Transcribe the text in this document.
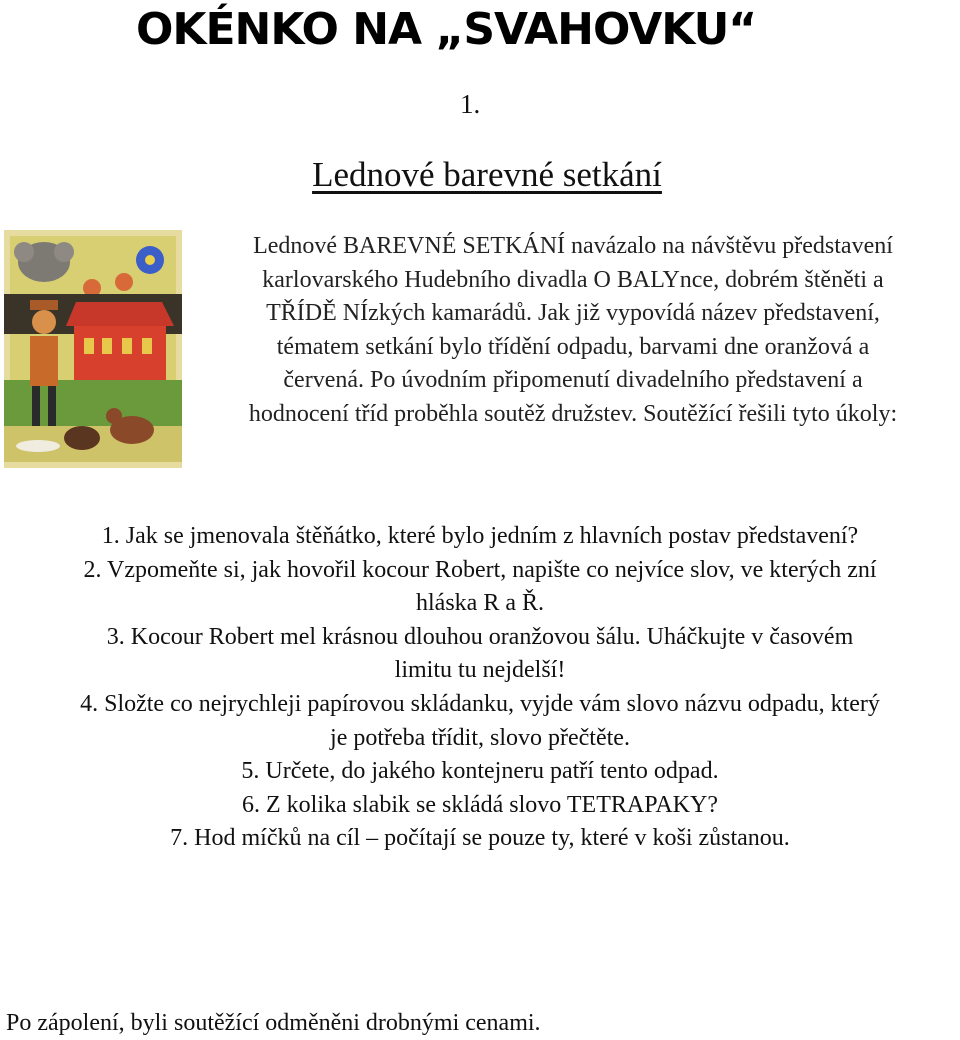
OKÉNKO NA „SVAHOVKU“
1.
Lednové barevné setkání
Lednové BAREVNÉ SETKÁNÍ navázalo na návštěvu představení
karlovarského Hudebního divadla O BALYnce, dobrém štěněti a
TŘÍDĚ NÍzkých kamarádů. Jak již vypovídá název představení,
tématem setkání bylo třídění odpadu, barvami dne oranžová a
červená. Po úvodním připomenutí divadelního představení a
hodnocení tříd proběhla soutěž družstev. Soutěžící řešili tyto úkoly:
1. Jak se jmenovala štěňátko, které bylo jedním z hlavních postav představení?
2. Vzpomeňte si, jak hovořil kocour Robert, napište co nejvíce slov, ve kterých zní
hláska R a Ř.
3. Kocour Robert mel krásnou dlouhou oranžovou šálu. Uháčkujte v časovém
limitu tu nejdelší!
4. Složte co nejrychleji papírovou skládanku, vyjde vám slovo názvu odpadu, který
je potřeba třídit, slovo přečtěte.
5. Určete, do jakého kontejneru patří tento odpad.
6. Z kolika slabik se skládá slovo TETRAPAKY?
7. Hod míčků na cíl – počítají se pouze ty, které v koši zůstanou.

Po zápolení, byli soutěžící odměněni drobnými cenami.
